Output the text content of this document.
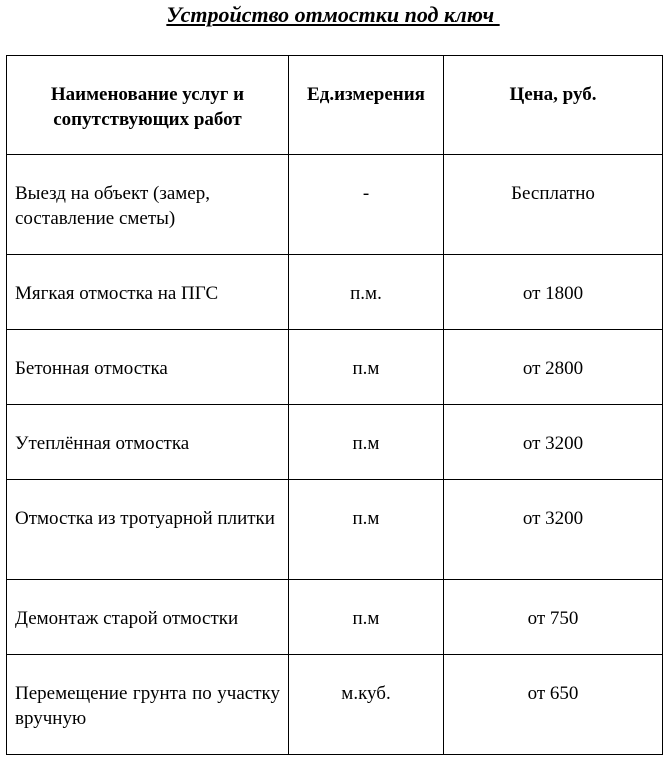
Устройство отмостки под ключ
Наименование услуг и сопутствующих работ	Ед.измерения	Цена, руб.
Выезд на объект (замер, составление сметы)	-	Бесплатно
Мягкая отмостка на ПГС	п.м.	от 1800
Бетонная отмостка	п.м	от 2800
Утеплённая отмостка	п.м	от 3200
Отмостка из тротуарной плитки	п.м	от 3200
Демонтаж старой отмостки	п.м	от 750
Перемещение грунта по участку вручную	м.куб.	от 650
